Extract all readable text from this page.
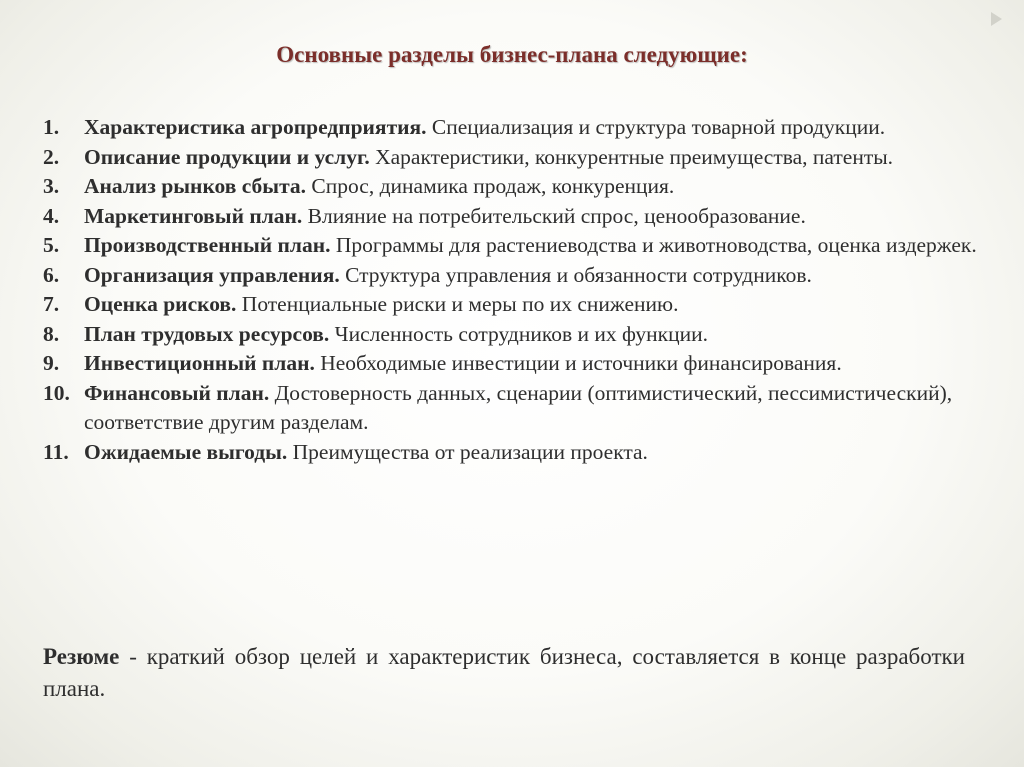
Основные разделы бизнес-плана следующие:
1. Характеристика агропредприятия. Специализация и структура товарной продукции.
2. Описание продукции и услуг. Характеристики, конкурентные преимущества, патенты.
3. Анализ рынков сбыта. Спрос, динамика продаж, конкуренция.
4. Маркетинговый план. Влияние на потребительский спрос, ценообразование.
5. Производственный план. Программы для растениеводства и животноводства, оценка издержек.
6. Организация управления. Структура управления и обязанности сотрудников.
7. Оценка рисков. Потенциальные риски и меры по их снижению.
8. План трудовых ресурсов. Численность сотрудников и их функции.
9. Инвестиционный план. Необходимые инвестиции и источники финансирования.
10. Финансовый план. Достоверность данных, сценарии (оптимистический, пессимистический), соответствие другим разделам.
11. Ожидаемые выгоды. Преимущества от реализации проекта.
Резюме - краткий обзор целей и характеристик бизнеса, составляется в конце разработки плана.
